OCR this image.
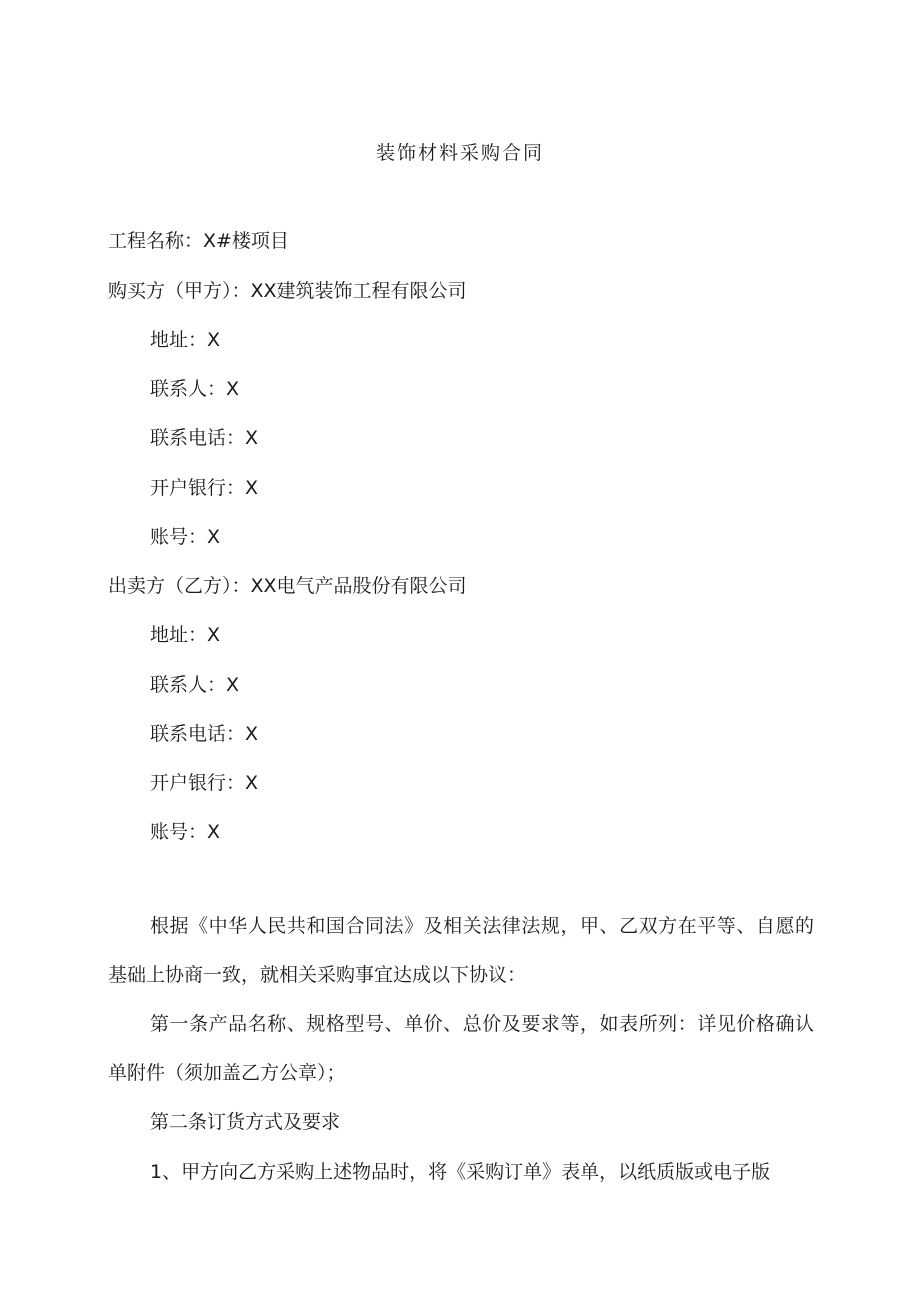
装饰材料采购合同
工程名称：X#楼项目
购买方（甲方）：XX建筑装饰工程有限公司
地址：X
联系人：X
联系电话：X
开户银行：X
账号：X
出卖方（乙方）：XX电气产品股份有限公司
地址：X
联系人：X
联系电话：X
开户银行：X
账号：X
根据《中华人民共和国合同法》及相关法律法规，甲、乙双方在平等、自愿的基础上协商一致，就相关采购事宜达成以下协议：
第一条产品名称、规格型号、单价、总价及要求等，如表所列：详见价格确认单附件（须加盖乙方公章）；
第二条订货方式及要求
1、甲方向乙方采购上述物品时，将《采购订单》表单，以纸质版或电子版
